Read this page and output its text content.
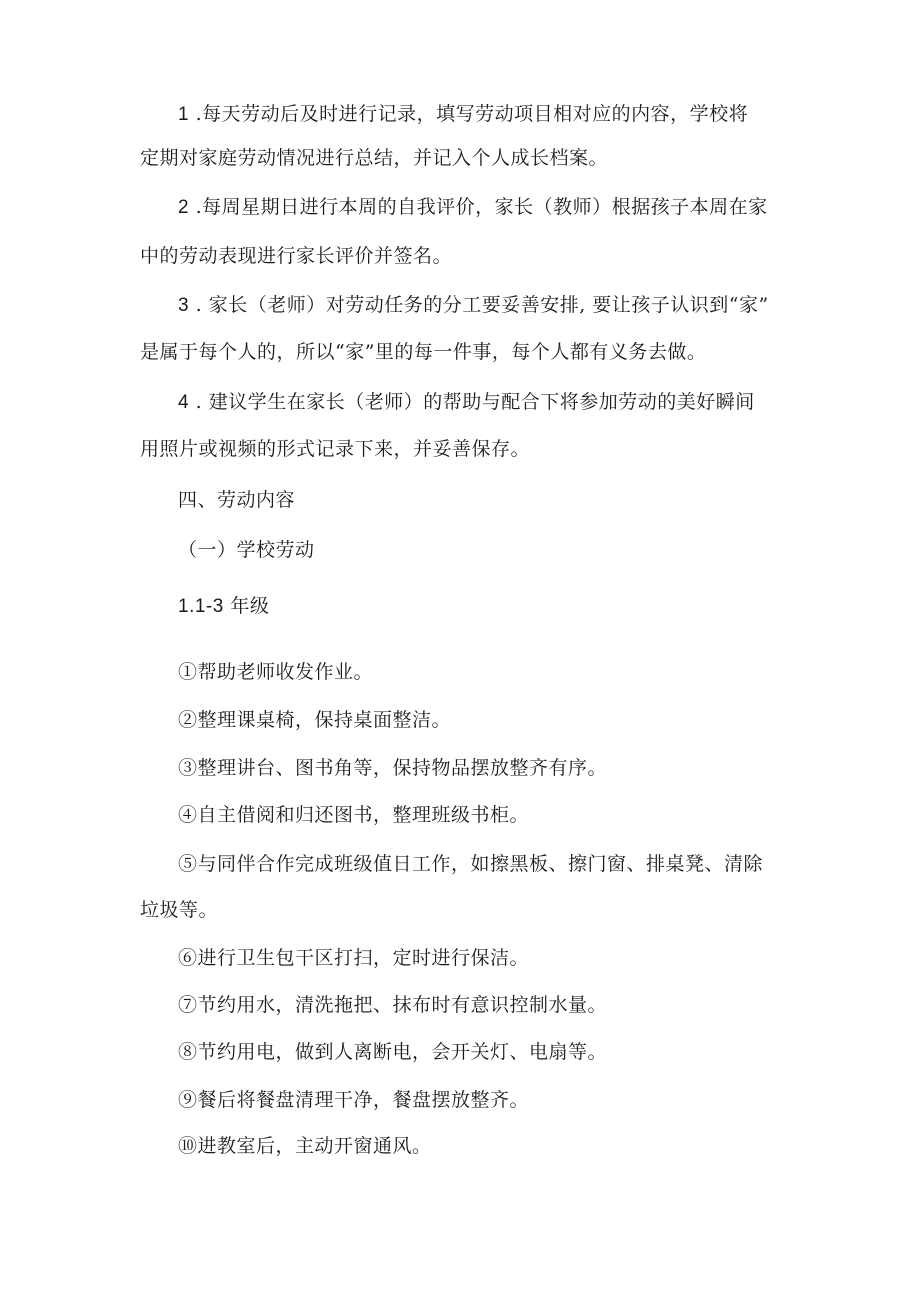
1 .每天劳动后及时进行记录，填写劳动项目相对应的内容，学校将
定期对家庭劳动情况进行总结，并记入个人成长档案。
2 .每周星期日进行本周的自我评价，家长（教师）根据孩子本周在家
中的劳动表现进行家长评价并签名。
3 . 家长（老师）对劳动任务的分工要妥善安排, 要让孩子认识到“家”
是属于每个人的，所以“家”里的每一件事，每个人都有义务去做。
4 . 建议学生在家长（老师）的帮助与配合下将参加劳动的美好瞬间
用照片或视频的形式记录下来，并妥善保存。
四、劳动内容
（一）学校劳动
1.1-3 年级
①帮助老师收发作业。
②整理课桌椅，保持桌面整洁。
③整理讲台、图书角等，保持物品摆放整齐有序。
④自主借阅和归还图书，整理班级书柜。
⑤与同伴合作完成班级值日工作，如擦黑板、擦门窗、排桌凳、清除
垃圾等。
⑥进行卫生包干区打扫，定时进行保洁。
⑦节约用水，清洗拖把、抹布时有意识控制水量。
⑧节约用电，做到人离断电，会开关灯、电扇等。
⑨餐后将餐盘清理干净，餐盘摆放整齐。
⑩进教室后，主动开窗通风。
